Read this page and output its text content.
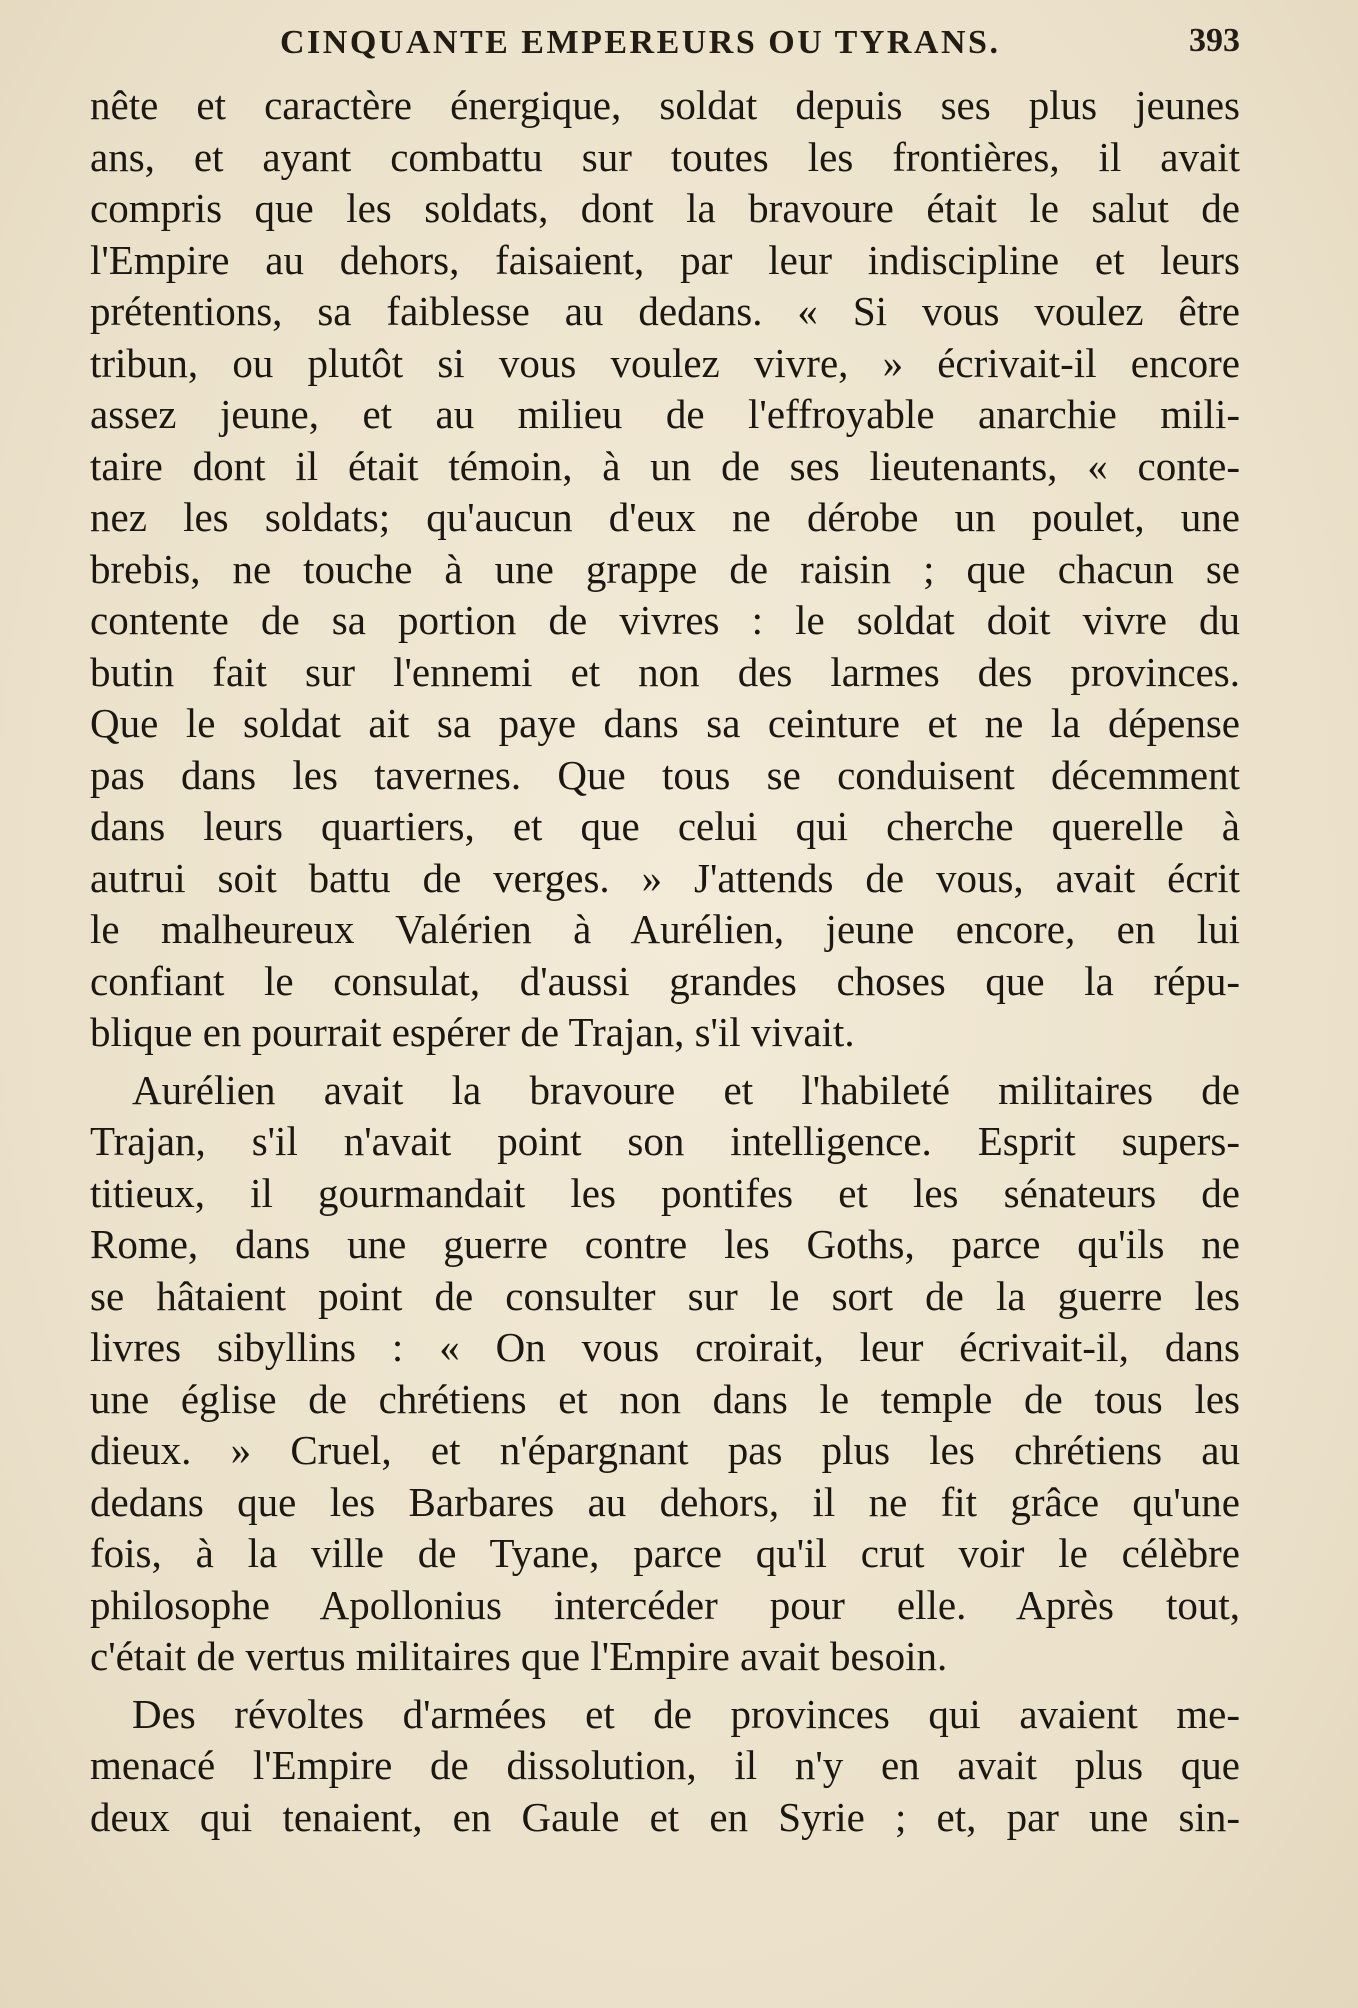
CINQUANTE EMPEREURS OU TYRANS.	393
nête et caractère énergique, soldat depuis ses plus jeunes
ans, et ayant combattu sur toutes les frontières, il avait
compris que les soldats, dont la bravoure était le salut de
l'Empire au dehors, faisaient, par leur indiscipline et leurs
prétentions, sa faiblesse au dedans. « Si vous voulez être
tribun, ou plutôt si vous voulez vivre, » écrivait-il encore
assez jeune, et au milieu de l'effroyable anarchie mili-
taire dont il était témoin, à un de ses lieutenants, « conte-
nez les soldats; qu'aucun d'eux ne dérobe un poulet, une
brebis, ne touche à une grappe de raisin ; que chacun se
contente de sa portion de vivres : le soldat doit vivre du
butin fait sur l'ennemi et non des larmes des provinces.
Que le soldat ait sa paye dans sa ceinture et ne la dépense
pas dans les tavernes. Que tous se conduisent décemment
dans leurs quartiers, et que celui qui cherche querelle à
autrui soit battu de verges. » J'attends de vous, avait écrit
le malheureux Valérien à Aurélien, jeune encore, en lui
confiant le consulat, d'aussi grandes choses que la répu-
blique en pourrait espérer de Trajan, s'il vivait.
Aurélien avait la bravoure et l'habileté militaires de
Trajan, s'il n'avait point son intelligence. Esprit supers-
titieux, il gourmandait les pontifes et les sénateurs de
Rome, dans une guerre contre les Goths, parce qu'ils ne
se hâtaient point de consulter sur le sort de la guerre les
livres sibyllins : « On vous croirait, leur écrivait-il, dans
une église de chrétiens et non dans le temple de tous les
dieux. » Cruel, et n'épargnant pas plus les chrétiens au
dedans que les Barbares au dehors, il ne fit grâce qu'une
fois, à la ville de Tyane, parce qu'il crut voir le célèbre
philosophe Apollonius intercéder pour elle. Après tout,
c'était de vertus militaires que l'Empire avait besoin.
Des révoltes d'armées et de provinces qui avaient me-
menacé l'Empire de dissolution, il n'y en avait plus que
deux qui tenaient, en Gaule et en Syrie ; et, par une sin-
